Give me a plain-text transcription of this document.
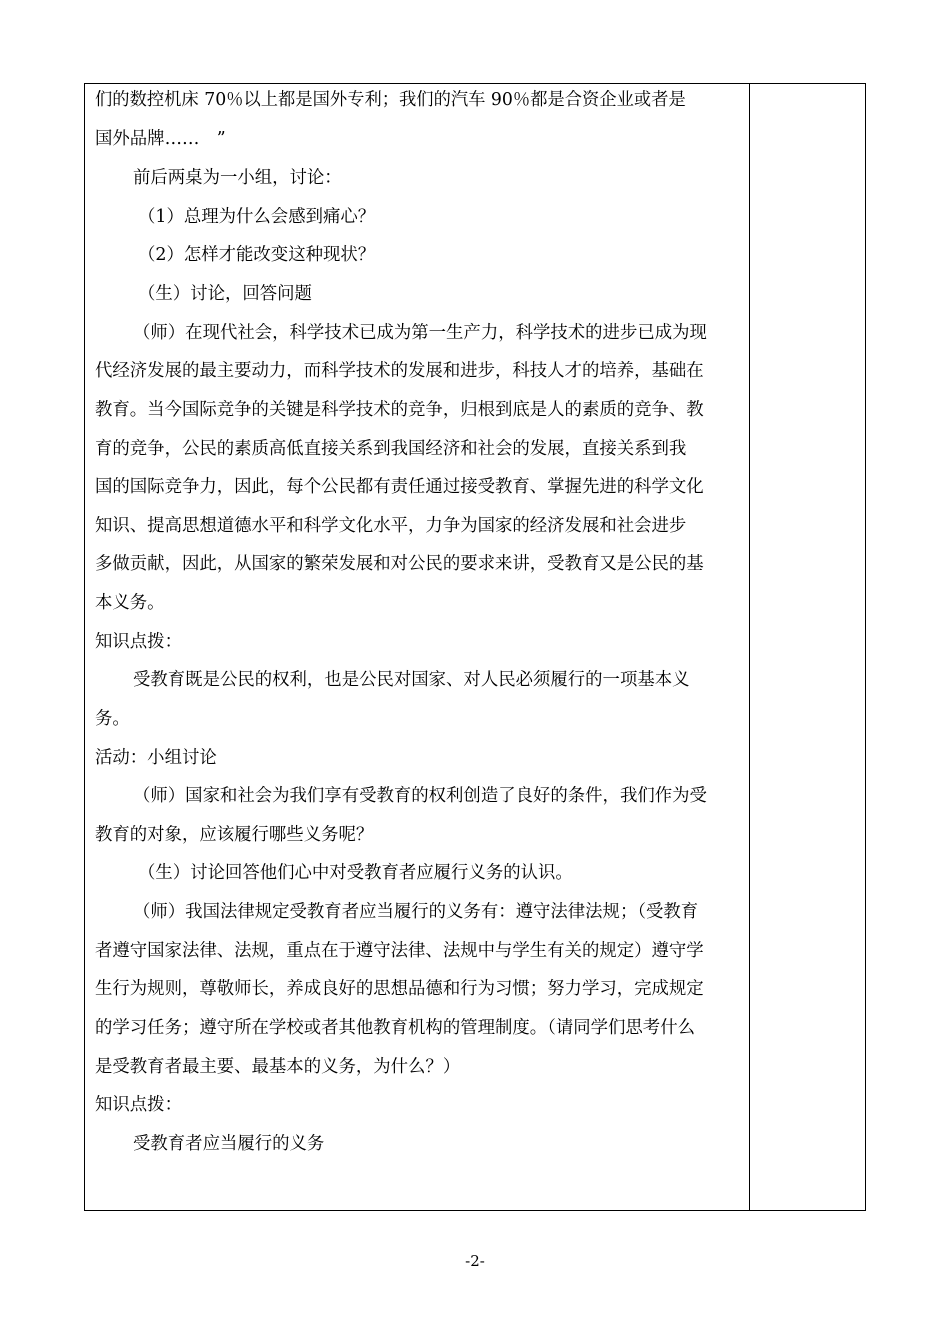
们的数控机床 70％以上都是国外专利；我们的汽车 90％都是合资企业或者是
国外品牌……　”
前后两桌为一小组，讨论：
（1）总理为什么会感到痛心？
（2）怎样才能改变这种现状？
（生）讨论，回答问题
（师）在现代社会，科学技术已成为第一生产力，科学技术的进步已成为现
代经济发展的最主要动力，而科学技术的发展和进步，科技人才的培养，基础在
教育。当今国际竞争的关键是科学技术的竞争，归根到底是人的素质的竞争、教
育的竞争，公民的素质高低直接关系到我国经济和社会的发展，直接关系到我
国的国际竞争力，因此，每个公民都有责任通过接受教育、掌握先进的科学文化
知识、提高思想道德水平和科学文化水平，力争为国家的经济发展和社会进步
多做贡献，因此，从国家的繁荣发展和对公民的要求来讲，受教育又是公民的基
本义务。
知识点拨：
受教育既是公民的权利，也是公民对国家、对人民必须履行的一项基本义
务。
活动：小组讨论
（师）国家和社会为我们享有受教育的权利创造了良好的条件，我们作为受
教育的对象，应该履行哪些义务呢？
（生）讨论回答他们心中对受教育者应履行义务的认识。
（师）我国法律规定受教育者应当履行的义务有：遵守法律法规；（受教育
者遵守国家法律、法规，重点在于遵守法律、法规中与学生有关的规定）遵守学
生行为规则，尊敬师长，养成良好的思想品德和行为习惯；努力学习，完成规定
的学习任务；遵守所在学校或者其他教育机构的管理制度。（请同学们思考什么
是受教育者最主要、最基本的义务，为什么？）
知识点拨：
受教育者应当履行的义务
-2-
